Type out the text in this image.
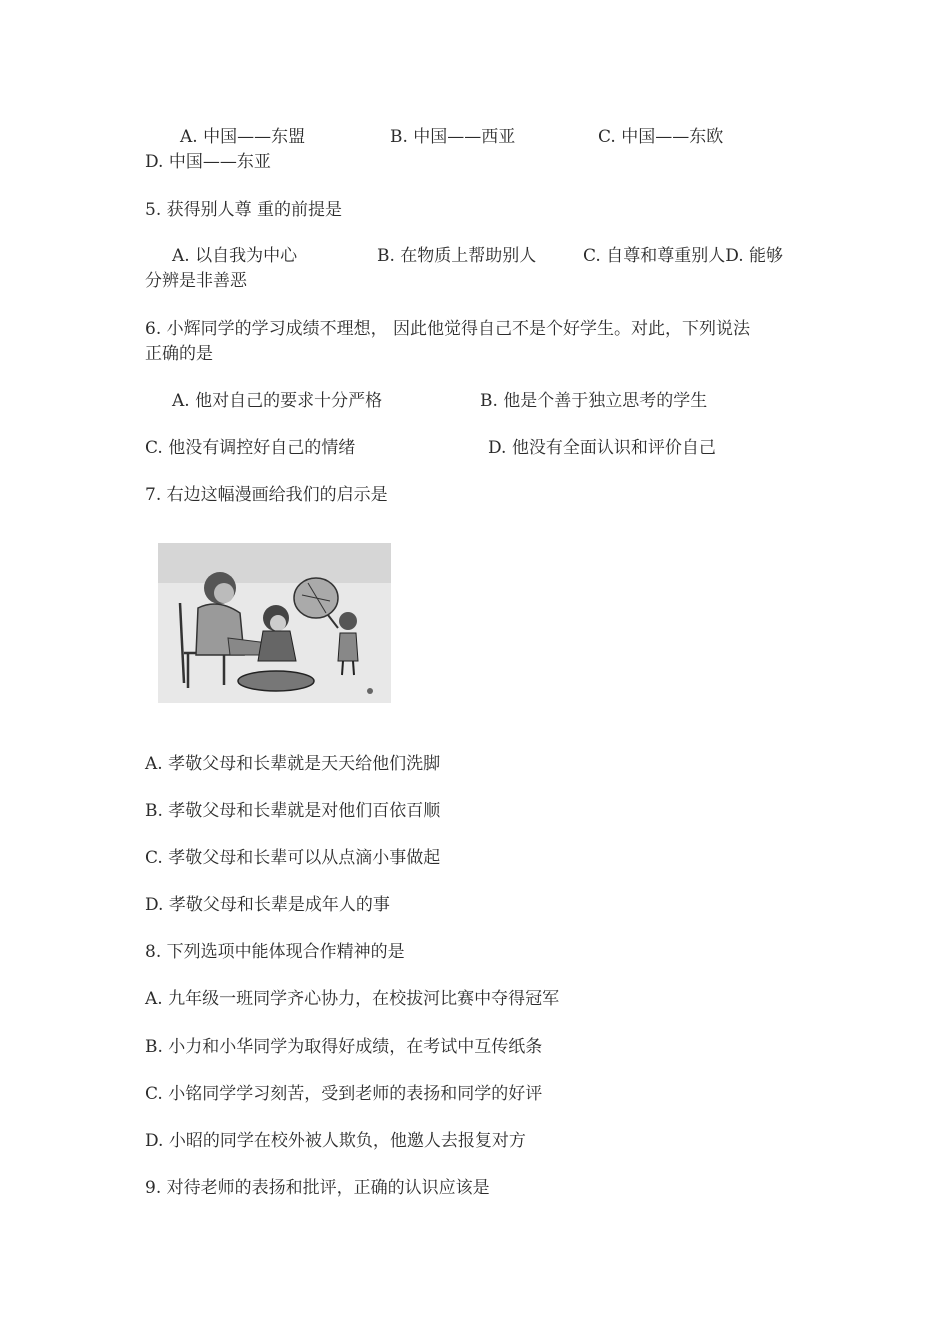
A. 中国——东盟	B. 中国——西亚	C. 中国——东欧
D. 中国——东亚
5. 获得别人尊 重的前提是
A. 以自我为中心	B. 在物质上帮助别人	C. 自尊和尊重别人D. 能够
分辨是非善恶
6. 小辉同学的学习成绩不理想， 因此他觉得自己不是个好学生。对此，下列说法
正确的是
A. 他对自己的要求十分严格	B. 他是个善于独立思考的学生
C. 他没有调控好自己的情绪	D. 他没有全面认识和评价自己
7. 右边这幅漫画给我们的启示是
A. 孝敬父母和长辈就是天天给他们洗脚
B. 孝敬父母和长辈就是对他们百依百顺
C. 孝敬父母和长辈可以从点滴小事做起
D. 孝敬父母和长辈是成年人的事
8. 下列选项中能体现合作精神的是
A. 九年级一班同学齐心协力，在校拔河比赛中夺得冠军
B. 小力和小华同学为取得好成绩，在考试中互传纸条
C. 小铭同学学习刻苦，受到老师的表扬和同学的好评
D. 小昭的同学在校外被人欺负，他邀人去报复对方
9. 对待老师的表扬和批评，正确的认识应该是
